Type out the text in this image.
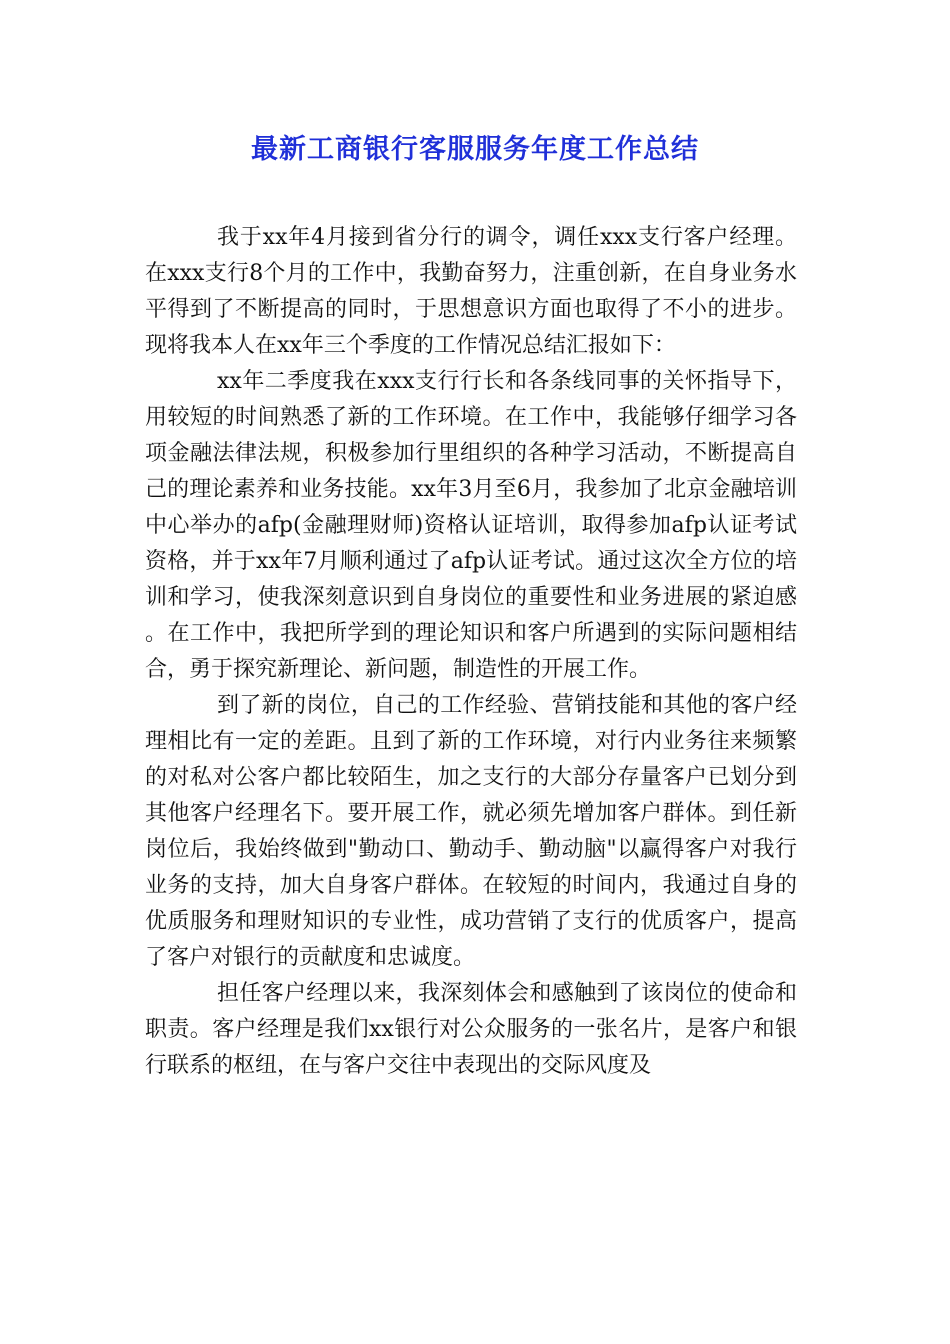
最新工商银行客服服务年度工作总结

我于xx年4月接到省分行的调令，调任xxx支行客户经理。在xxx支行8个月的工作中，我勤奋努力，注重创新，在自身业务水平得到了不断提高的同时，于思想意识方面也取得了不小的进步。现将我本人在xx年三个季度的工作情况总结汇报如下：

xx年二季度我在xxx支行行长和各条线同事的关怀指导下，用较短的时间熟悉了新的工作环境。在工作中，我能够仔细学习各项金融法律法规，积极参加行里组织的各种学习活动，不断提高自己的理论素养和业务技能。xx年3月至6月，我参加了北京金融培训中心举办的afp(金融理财师)资格认证培训，取得参加afp认证考试资格，并于xx年7月顺利通过了afp认证考试。通过这次全方位的培训和学习，使我深刻意识到自身岗位的重要性和业务进展的紧迫感。在工作中，我把所学到的理论知识和客户所遇到的实际问题相结合，勇于探究新理论、新问题，制造性的开展工作。

到了新的岗位，自己的工作经验、营销技能和其他的客户经理相比有一定的差距。且到了新的工作环境，对行内业务往来频繁的对私对公客户都比较陌生，加之支行的大部分存量客户已划分到其他客户经理名下。要开展工作，就必须先增加客户群体。到任新岗位后，我始终做到"勤动口、勤动手、勤动脑"以赢得客户对我行业务的支持，加大自身客户群体。在较短的时间内，我通过自身的优质服务和理财知识的专业性，成功营销了支行的优质客户，提高了客户对银行的贡献度和忠诚度。

担任客户经理以来，我深刻体会和感触到了该岗位的使命和职责。客户经理是我们xx银行对公众服务的一张名片，是客户和银行联系的枢纽，在与客户交往中表现出的交际风度及
